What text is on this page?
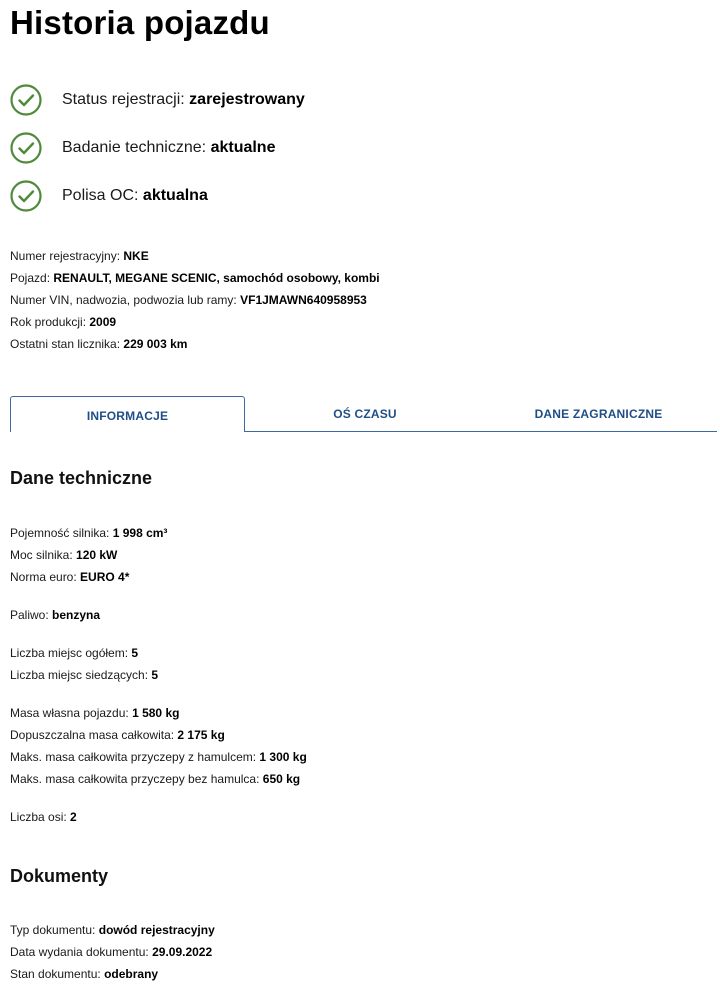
Historia pojazdu
Status rejestracji: zarejestrowany
Badanie techniczne: aktualne
Polisa OC: aktualna
Numer rejestracyjny: NKE
Pojazd: RENAULT, MEGANE SCENIC, samochód osobowy, kombi
Numer VIN, nadwozia, podwozia lub ramy: VF1JMAWN640958953
Rok produkcji: 2009
Ostatni stan licznika: 229 003 km
INFORMACJE	OŚ CZASU	DANE ZAGRANICZNE
Dane techniczne
Pojemność silnika: 1 998 cm³
Moc silnika: 120 kW
Norma euro: EURO 4*
Paliwo: benzyna
Liczba miejsc ogółem: 5
Liczba miejsc siedzących: 5
Masa własna pojazdu: 1 580 kg
Dopuszczalna masa całkowita: 2 175 kg
Maks. masa całkowita przyczepy z hamulcem: 1 300 kg
Maks. masa całkowita przyczepy bez hamulca: 650 kg
Liczba osi: 2
Dokumenty
Typ dokumentu: dowód rejestracyjny
Data wydania dokumentu: 29.09.2022
Stan dokumentu: odebrany
